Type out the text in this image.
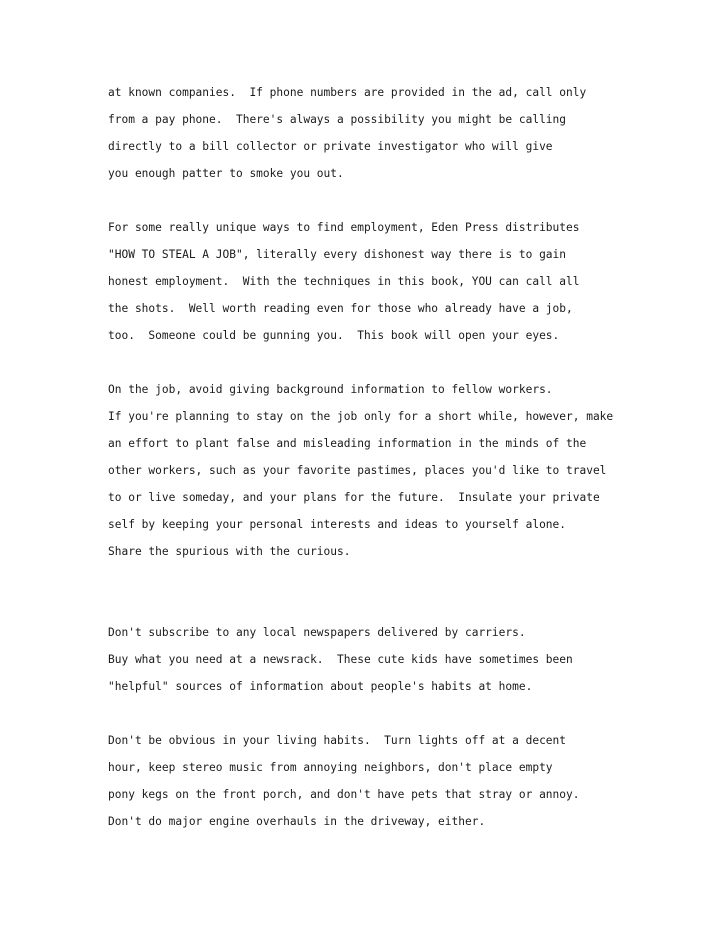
at known companies.  If phone numbers are provided in the ad, call only
from a pay phone.  There's always a possibility you might be calling
directly to a bill collector or private investigator who will give
you enough patter to smoke you out.
For some really unique ways to find employment, Eden Press distributes
"HOW TO STEAL A JOB", literally every dishonest way there is to gain
honest employment.  With the techniques in this book, YOU can call all
the shots.  Well worth reading even for those who already have a job,
too.  Someone could be gunning you.  This book will open your eyes.
On the job, avoid giving background information to fellow workers.
If you're planning to stay on the job only for a short while, however, make
an effort to plant false and misleading information in the minds of the
other workers, such as your favorite pastimes, places you'd like to travel
to or live someday, and your plans for the future.  Insulate your private
self by keeping your personal interests and ideas to yourself alone.
Share the spurious with the curious.
Don't subscribe to any local newspapers delivered by carriers.
Buy what you need at a newsrack.  These cute kids have sometimes been
"helpful" sources of information about people's habits at home.
Don't be obvious in your living habits.  Turn lights off at a decent
hour, keep stereo music from annoying neighbors, don't place empty
pony kegs on the front porch, and don't have pets that stray or annoy.
Don't do major engine overhauls in the driveway, either.
